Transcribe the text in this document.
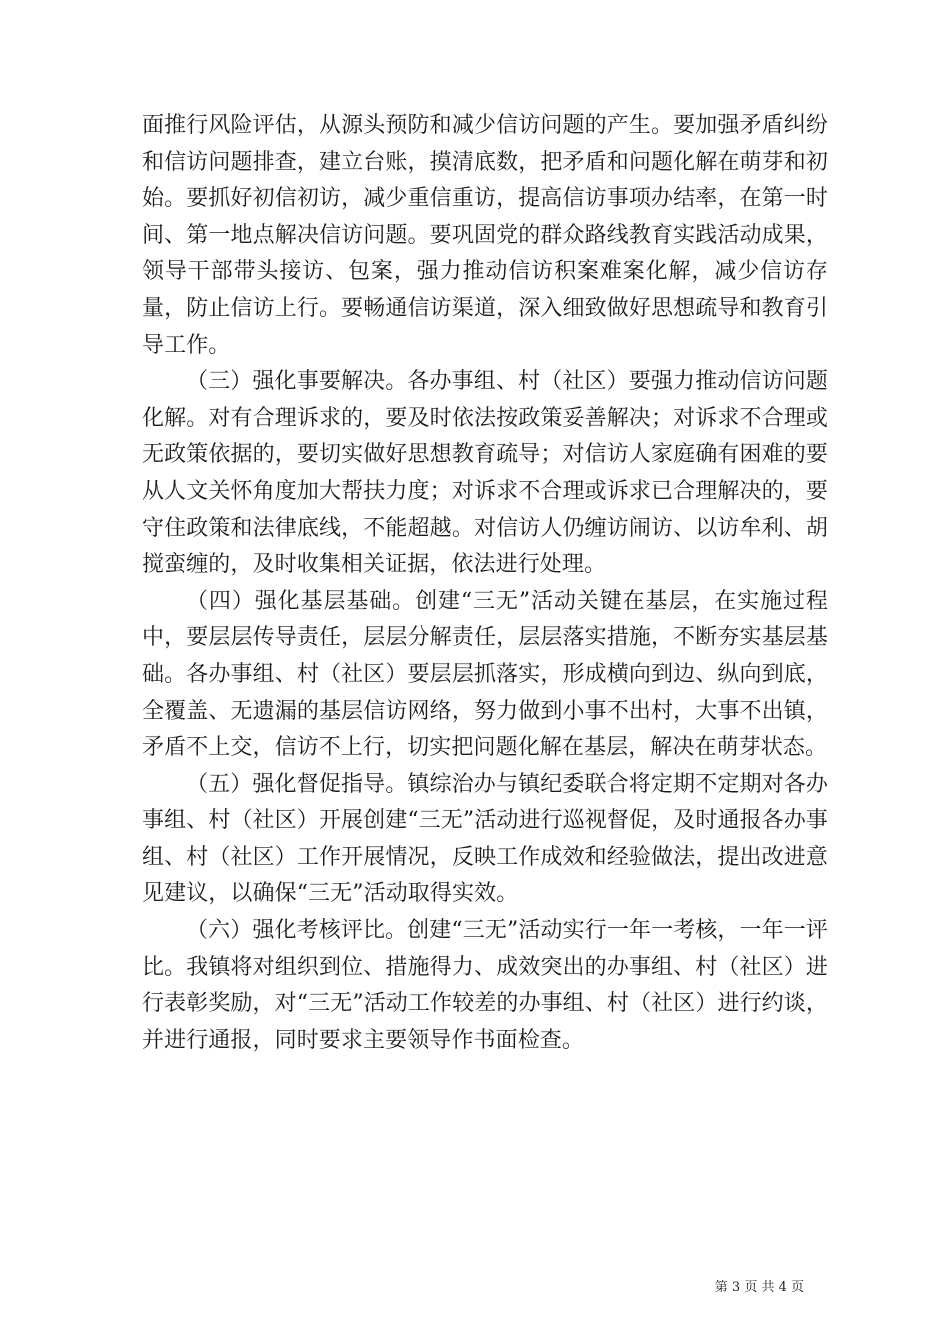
面推行风险评估，从源头预防和减少信访问题的产生。要加强矛盾纠纷和信访问题排查，建立台账，摸清底数，把矛盾和问题化解在萌芽和初始。要抓好初信初访，减少重信重访，提高信访事项办结率，在第一时间、第一地点解决信访问题。要巩固党的群众路线教育实践活动成果，领导干部带头接访、包案，强力推动信访积案难案化解，减少信访存量，防止信访上行。要畅通信访渠道，深入细致做好思想疏导和教育引导工作。

（三）强化事要解决。各办事组、村（社区）要强力推动信访问题化解。对有合理诉求的，要及时依法按政策妥善解决；对诉求不合理或无政策依据的，要切实做好思想教育疏导；对信访人家庭确有困难的要从人文关怀角度加大帮扶力度；对诉求不合理或诉求已合理解决的，要守住政策和法律底线，不能超越。对信访人仍缠访闹访、以访牟利、胡搅蛮缠的，及时收集相关证据，依法进行处理。

（四）强化基层基础。创建“三无”活动关键在基层，在实施过程中，要层层传导责任，层层分解责任，层层落实措施，不断夯实基层基础。各办事组、村（社区）要层层抓落实，形成横向到边、纵向到底，全覆盖、无遗漏的基层信访网络，努力做到小事不出村，大事不出镇，矛盾不上交，信访不上行，切实把问题化解在基层，解决在萌芽状态。

（五）强化督促指导。镇综治办与镇纪委联合将定期不定期对各办事组、村（社区）开展创建“三无”活动进行巡视督促，及时通报各办事组、村（社区）工作开展情况，反映工作成效和经验做法，提出改进意见建议，以确保“三无”活动取得实效。

（六）强化考核评比。创建“三无”活动实行一年一考核，一年一评比。我镇将对组织到位、措施得力、成效突出的办事组、村（社区）进行表彰奖励，对“三无”活动工作较差的办事组、村（社区）进行约谈，并进行通报，同时要求主要领导作书面检查。

第 3 页 共 4 页
